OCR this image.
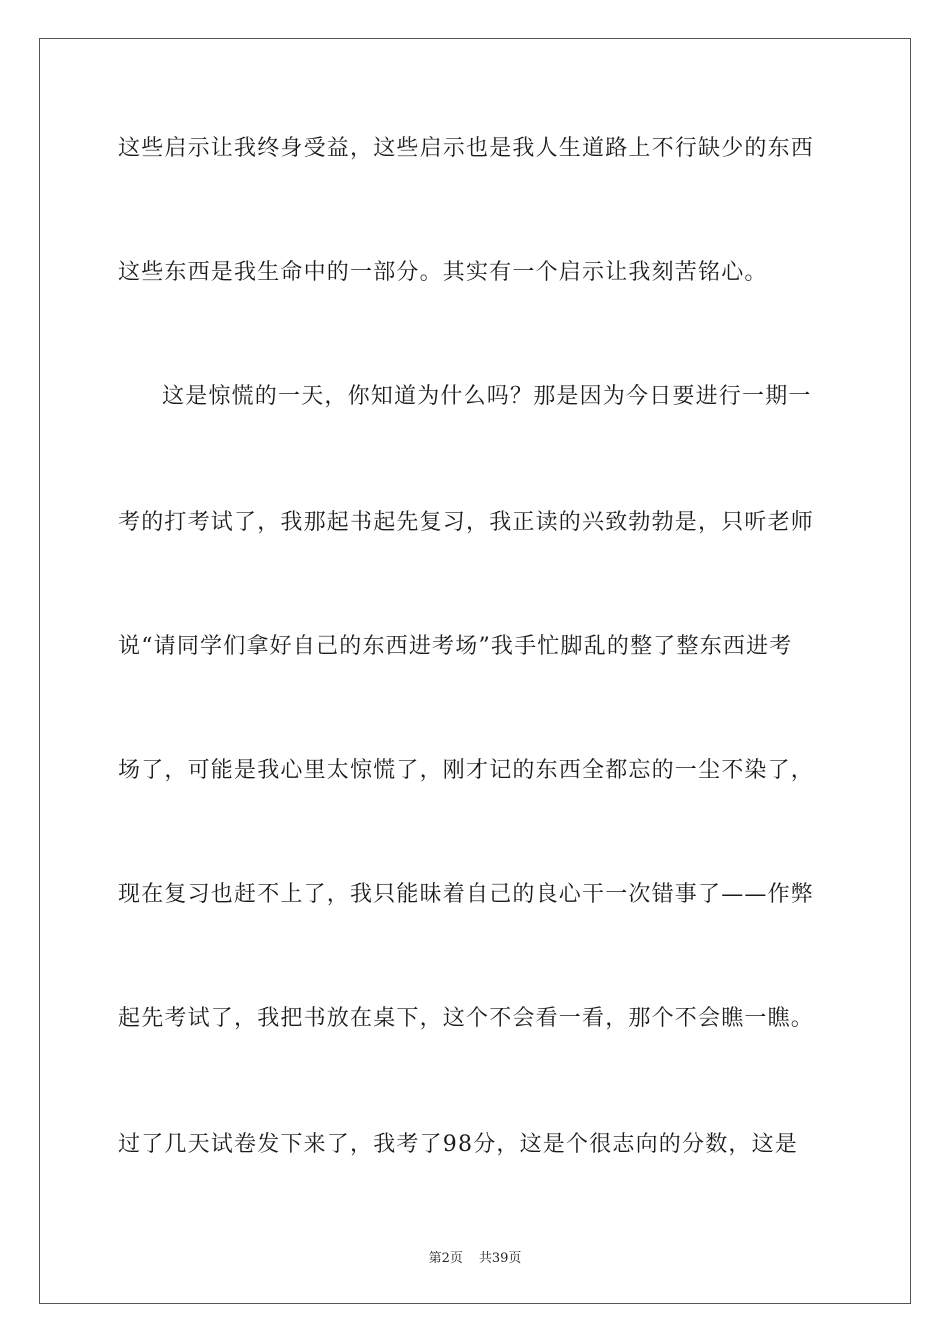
这些启示让我终身受益，这些启示也是我人生道路上不行缺少的东西
这些东西是我生命中的一部分。其实有一个启示让我刻苦铭心。
这是惊慌的一天，你知道为什么吗？那是因为今日要进行一期一
考的打考试了，我那起书起先复习，我正读的兴致勃勃是，只听老师
说“请同学们拿好自己的东西进考场”我手忙脚乱的整了整东西进考
场了，可能是我心里太惊慌了，刚才记的东西全都忘的一尘不染了，
现在复习也赶不上了，我只能昧着自己的良心干一次错事了——作弊
起先考试了，我把书放在桌下，这个不会看一看，那个不会瞧一瞧。
过了几天试卷发下来了，我考了98分，这是个很志向的分数，这是
第2页 共39页
